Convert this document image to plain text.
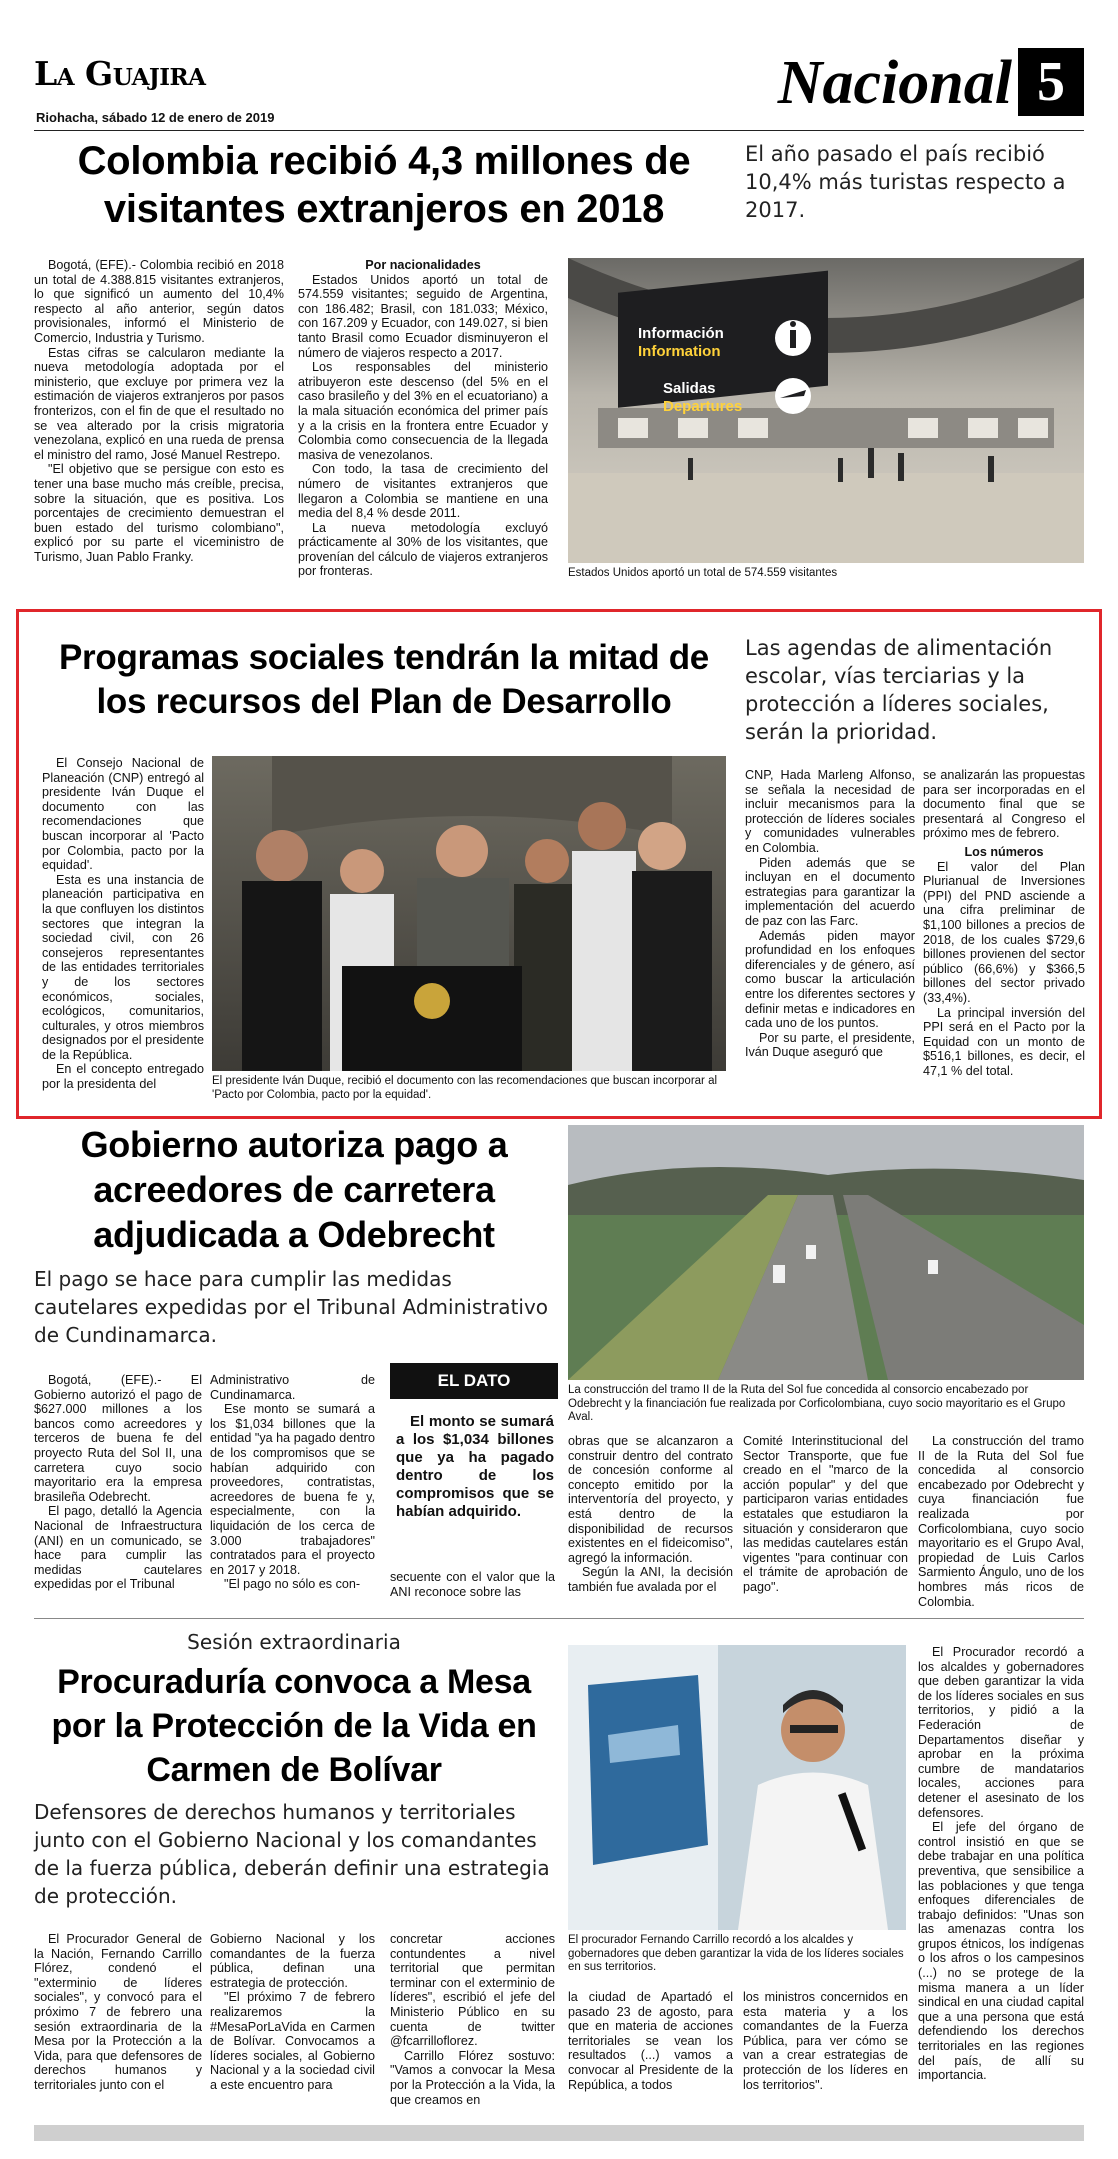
La Guajira
Riohacha, sábado 12 de enero de 2019
Nacional 5
Colombia recibió 4,3 millones de visitantes extranjeros en 2018
El año pasado el país recibió 10,4% más turistas respecto a 2017.

Bogotá, (EFE).- Colombia recibió en 2018 un total de 4.388.815 visitantes extranjeros, lo que significó un aumento del 10,4% respecto al año anterior, según datos provisionales, informó el Ministerio de Comercio, Industria y Turismo.

Estas cifras se calcularon mediante la nueva metodología adoptada por el ministerio, que excluye por primera vez la estimación de viajeros extranjeros por pasos fronterizos, con el fin de que el resultado no se vea alterado por la crisis migratoria venezolana, explicó en una rueda de prensa el ministro del ramo, José Manuel Restrepo.

"El objetivo que se persigue con esto es tener una base mucho más creíble, precisa, sobre la situación, que es positiva. Los porcentajes de crecimiento demuestran el buen estado del turismo colombiano", explicó por su parte el viceministro de Turismo, Juan Pablo Franky.

Por nacionalidades

Estados Unidos aportó un total de 574.559 visitantes; seguido de Argentina, con 186.482; Brasil, con 181.033; México, con 167.209 y Ecuador, con 149.027, si bien tanto Brasil como Ecuador disminuyeron el número de viajeros respecto a 2017.

Los responsables del ministerio atribuyeron este descenso (del 5% en el caso brasileño y del 3% en el ecuatoriano) a la mala situación económica del primer país y a la crisis en la frontera entre Ecuador y Colombia como consecuencia de la llegada masiva de venezolanos.

Con todo, la tasa de crecimiento del número de visitantes extranjeros que llegaron a Colombia se mantiene en una media del 8,4 % desde 2011.

La nueva metodología excluyó prácticamente al 30% de los visitantes, que provenían del cálculo de viajeros extranjeros por fronteras.

Información
Information
Salidas
Departures
Estados Unidos aportó un total de 574.559 visitantes
Programas sociales tendrán la mitad de los recursos del Plan de Desarrollo
Las agendas de alimentación escolar, vías terciarias y la protección a líderes sociales, serán la prioridad.

El Consejo Nacional de Planeación (CNP) entregó al presidente Iván Duque el documento con las recomendaciones que buscan incorporar al 'Pacto por Colombia, pacto por la equidad'.

Esta es una instancia de planeación participativa en la que confluyen los distintos sectores que integran la sociedad civil, con 26 consejeros representantes de las entidades territoriales y de los sectores económicos, sociales, ecológicos, comunitarios, culturales, y otros miembros designados por el presidente de la República.

En el concepto entregado por la presidenta del	El presidente Iván Duque, recibió el documento con las recomendaciones que buscan incorporar al 'Pacto por Colombia, pacto por la equidad'.

CNP, Hada Marleng Alfonso, se señala la necesidad de incluir mecanismos para la protección de líderes sociales y comunidades vulnerables en Colombia.

Piden además que se incluyan en el documento estrategias para garantizar la implementación del acuerdo de paz con las Farc.

Además piden mayor profundidad en los enfoques diferenciales y de género, así como buscar la articulación entre los diferentes sectores y definir metas e indicadores en cada uno de los puntos.

Por su parte, el presidente, Iván Duque aseguró que

se analizarán las propuestas para ser incorporadas en el documento final que se presentará al Congreso el próximo mes de febrero.

Los números

El valor del Plan Plurianual de Inversiones (PPI) del PND asciende a una cifra preliminar de $1,100 billones a precios de 2018, de los cuales $729,6 billones provienen del sector público (66,6%) y $366,5 billones del sector privado (33,4%).

La principal inversión del PPI será en el Pacto por la Equidad con un monto de $516,1 billones, es decir, el 47,1 % del total.

Gobierno autoriza pago a acreedores de carretera adjudicada a Odebrecht
El pago se hace para cumplir las medidas cautelares expedidas por el Tribunal Administrativo de Cundinamarca.

Bogotá, (EFE).- El Gobierno autorizó el pago de $627.000 millones a los bancos como acreedores y terceros de buena fe del proyecto Ruta del Sol II, una carretera cuyo socio mayoritario era la empresa brasileña Odebrecht.

El pago, detalló la Agencia Nacional de Infraestructura (ANI) en un comunicado, se hace para cumplir las medidas cautelares expedidas por el Tribunal

Administrativo de Cundinamarca.

Ese monto se sumará a los $1,034 billones que la entidad "ya ha pagado dentro de los compromisos que se habían adquirido con proveedores, contratistas, acreedores de buena fe y, especialmente, con la liquidación de los cerca de 3.000 trabajadores" contratados para el proyecto en 2017 y 2018.

"El pago no sólo es con-

EL DATO
El monto se sumará a los $1,034 billones que ya ha pagado dentro de los compromisos que se habían adquirido.

secuente con el valor que la ANI reconoce sobre las

La construcción del tramo II de la Ruta del Sol fue concedida al consorcio encabezado por Odebrecht y la financiación fue realizada por Corficolombiana, cuyo socio mayoritario es el Grupo Aval.

obras que se alcanzaron a construir dentro del contrato de concesión conforme al concepto emitido por la interventoría del proyecto, y está dentro de la disponibilidad de recursos existentes en el fideicomiso", agregó la información.

Según la ANI, la decisión también fue avalada por el

Comité Interinstitucional del Sector Transporte, que fue creado en el "marco de la acción popular" y del que participaron varias entidades estatales que estudiaron la situación y consideraron que las medidas cautelares están vigentes "para continuar con el trámite de aprobación de pago".

La construcción del tramo II de la Ruta del Sol fue concedida al consorcio encabezado por Odebrecht y cuya financiación fue realizada por Corficolombiana, cuyo socio mayoritario es el Grupo Aval, propiedad de Luis Carlos Sarmiento Ángulo, uno de los hombres más ricos de Colombia.

Sesión extraordinaria
Procuraduría convoca a Mesa por la Protección de la Vida en Carmen de Bolívar
Defensores de derechos humanos y territoriales junto con el Gobierno Nacional y los comandantes de la fuerza pública, deberán definir una estrategia de protección.

El Procurador General de la Nación, Fernando Carrillo Flórez, condenó el "exterminio de líderes sociales", y convocó para el próximo 7 de febrero una sesión extraordinaria de la Mesa por la Protección a la Vida, para que defensores de derechos humanos y territoriales junto con el

Gobierno Nacional y los comandantes de la fuerza pública, definan una estrategia de protección.

"El próximo 7 de febrero realizaremos la #MesaPorLaVida en Carmen de Bolívar. Convocamos a líderes sociales, al Gobierno Nacional y a la sociedad civil a este encuentro para

concretar acciones contundentes a nivel territorial que permitan terminar con el exterminio de líderes", escribió el jefe del Ministerio Público en su cuenta de twitter @fcarrilloflorez.

Carrillo Flórez sostuvo: "Vamos a convocar la Mesa por la Protección a la Vida, la que creamos en

El procurador Fernando Carrillo recordó a los alcaldes y gobernadores que deben garantizar la vida de los líderes sociales en sus territorios.

la ciudad de Apartadó el pasado 23 de agosto, para que en materia de acciones territoriales se vean los resultados (...) vamos a convocar al Presidente de la República, a todos

los ministros concernidos en esta materia y a los comandantes de la Fuerza Pública, para ver cómo se van a crear estrategias de protección de los líderes en los territorios".

El Procurador recordó a los alcaldes y gobernadores que deben garantizar la vida de los líderes sociales en sus territorios, y pidió a la Federación de Departamentos diseñar y aprobar en la próxima cumbre de mandatarios locales, acciones para detener el asesinato de los defensores.

El jefe del órgano de control insistió en que se debe trabajar en una política preventiva, que sensibilice a las poblaciones y que tenga enfoques diferenciales de trabajo definidos: "Unas son las amenazas contra los grupos étnicos, los indígenas o los afros o los campesinos (...) no se protege de la misma manera a un líder sindical en una ciudad capital que a una persona que está defendiendo los derechos territoriales en las regiones del país, de allí su importancia.
